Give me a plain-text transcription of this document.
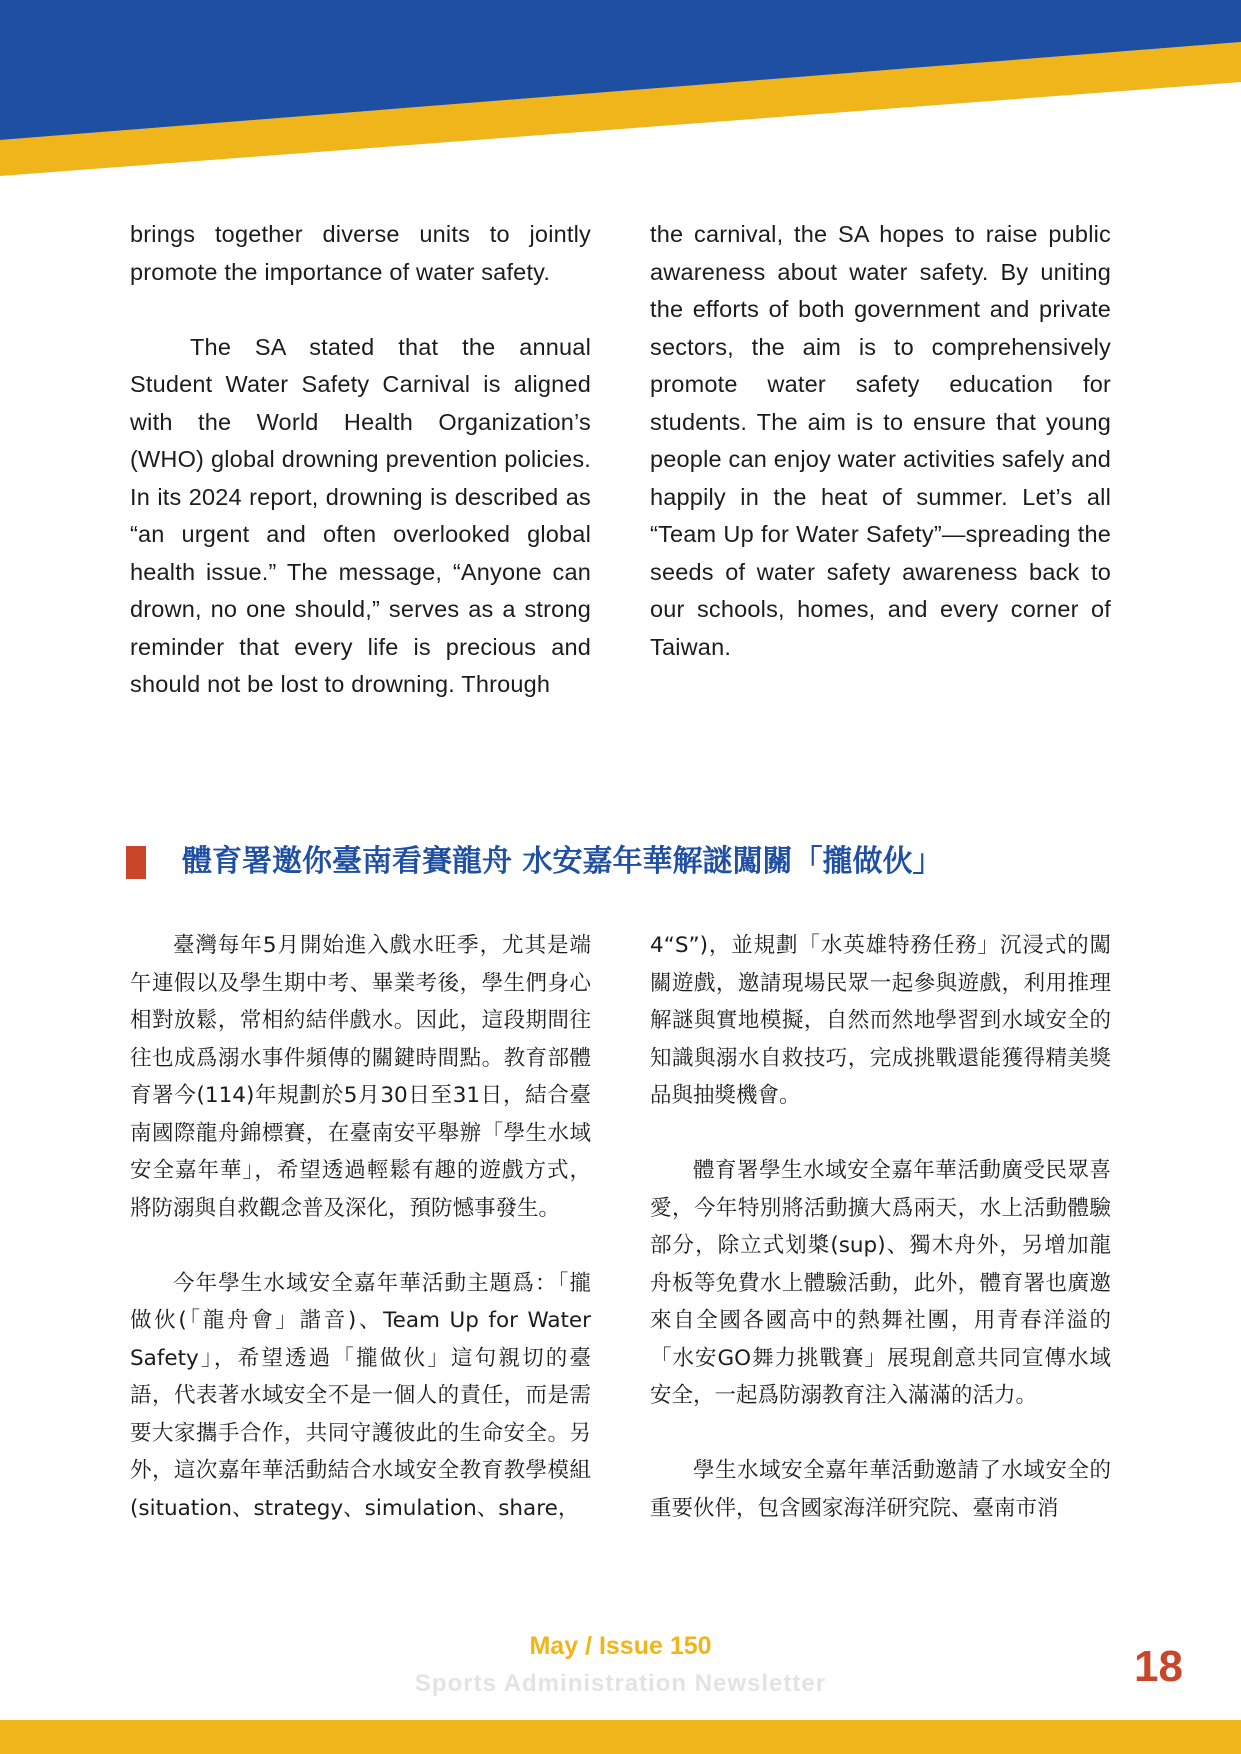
brings together diverse units to jointly promote the importance of water safety.

The SA stated that the annual Student Water Safety Carnival is aligned with the World Health Organization’s (WHO) global drowning prevention policies. In its 2024 report, drowning is described as “an urgent and often overlooked global health issue.” The message, “Anyone can drown, no one should,” serves as a strong reminder that every life is precious and should not be lost to drowning. Through

the carnival, the SA hopes to raise public awareness about water safety. By uniting the efforts of both government and private sectors, the aim is to comprehensively promote water safety education for students. The aim is to ensure that young people can enjoy water activities safely and happily in the heat of summer. Let’s all “Team Up for Water Safety”—spreading the seeds of water safety awareness back to our schools, homes, and every corner of Taiwan.

體育署邀你臺南看賽龍舟 水安嘉年華解謎闖關「攏做伙」

臺灣每年5月開始進入戲水旺季，尤其是端午連假以及學生期中考、畢業考後，學生們身心相對放鬆，常相約結伴戲水。因此，這段期間往往也成爲溺水事件頻傳的關鍵時間點。教育部體育署今(114)年規劃於5月30日至31日，結合臺南國際龍舟錦標賽，在臺南安平舉辦「學生水域安全嘉年華」，希望透過輕鬆有趣的遊戲方式，將防溺與自救觀念普及深化，預防憾事發生。

今年學生水域安全嘉年華活動主題爲：「攏做伙(「龍舟會」諧音)、Team Up for Water Safety」，希望透過「攏做伙」這句親切的臺語，代表著水域安全不是一個人的責任，而是需要大家攜手合作，共同守護彼此的生命安全。另外，這次嘉年華活動結合水域安全教育教學模組(situation、strategy、simulation、share，

4“S”)，並規劃「水英雄特務任務」沉浸式的闖關遊戲，邀請現場民眾一起參與遊戲，利用推理解謎與實地模擬，自然而然地學習到水域安全的知識與溺水自救技巧，完成挑戰還能獲得精美獎品與抽獎機會。

體育署學生水域安全嘉年華活動廣受民眾喜愛，今年特別將活動擴大爲兩天，水上活動體驗部分，除立式划槳(sup)、獨木舟外，另增加龍舟板等免費水上體驗活動，此外，體育署也廣邀來自全國各國高中的熱舞社團，用青春洋溢的「水安GO舞力挑戰賽」展現創意共同宣傳水域安全，一起爲防溺教育注入滿滿的活力。

學生水域安全嘉年華活動邀請了水域安全的重要伙伴，包含國家海洋研究院、臺南市消

May / Issue 150
Sports Administration Newsletter	18
